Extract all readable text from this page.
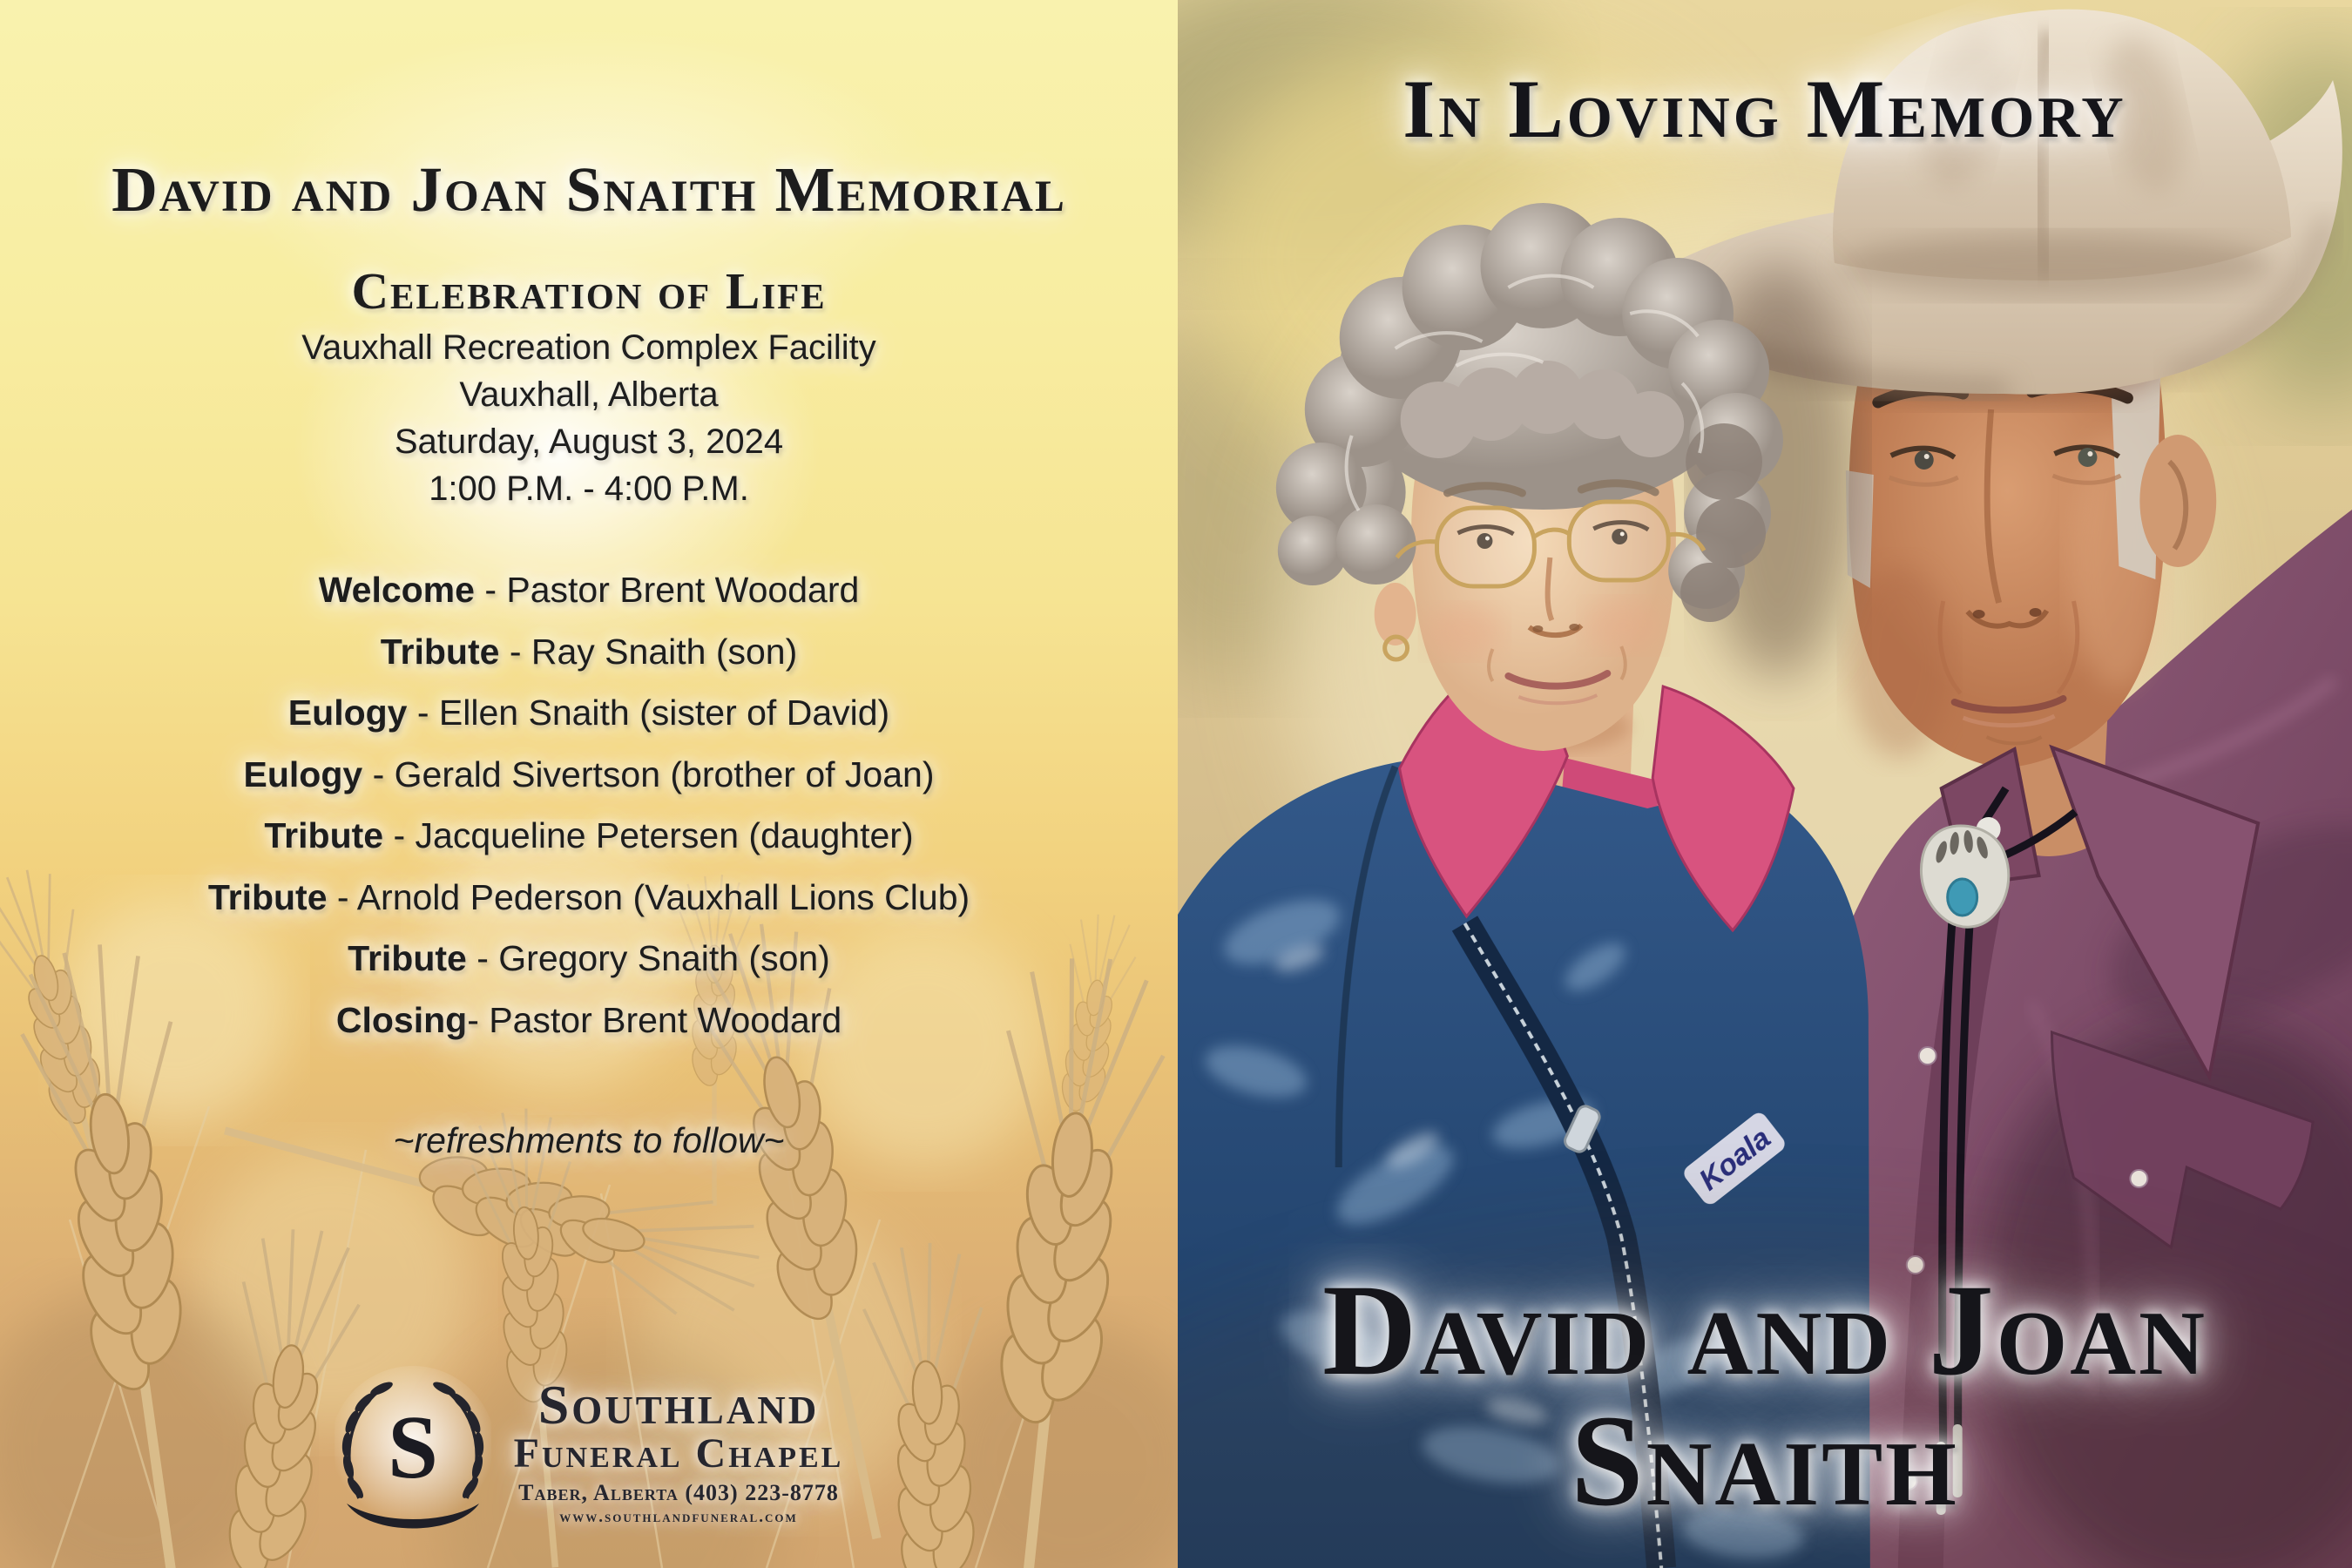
David and Joan Snaith Memorial
Celebration of Life
Vauxhall Recreation Complex Facility
Vauxhall, Alberta
Saturday, August 3, 2024
1:00 P.M. - 4:00 P.M.
Welcome - Pastor Brent Woodard
Tribute - Ray Snaith (son)
Eulogy - Ellen Snaith (sister of David)
Eulogy - Gerald Sivertson (brother of Joan)
Tribute - Jacqueline Petersen (daughter)
Tribute - Arnold Pederson (Vauxhall Lions Club)
Tribute - Gregory Snaith (son)
Closing- Pastor Brent Woodard
~refreshments to follow~
S	Southland
Funeral Chapel
Taber, Alberta (403) 223-8778
www.southlandfuneral.com
Koala
In Loving Memory
David and Joan
Snaith
